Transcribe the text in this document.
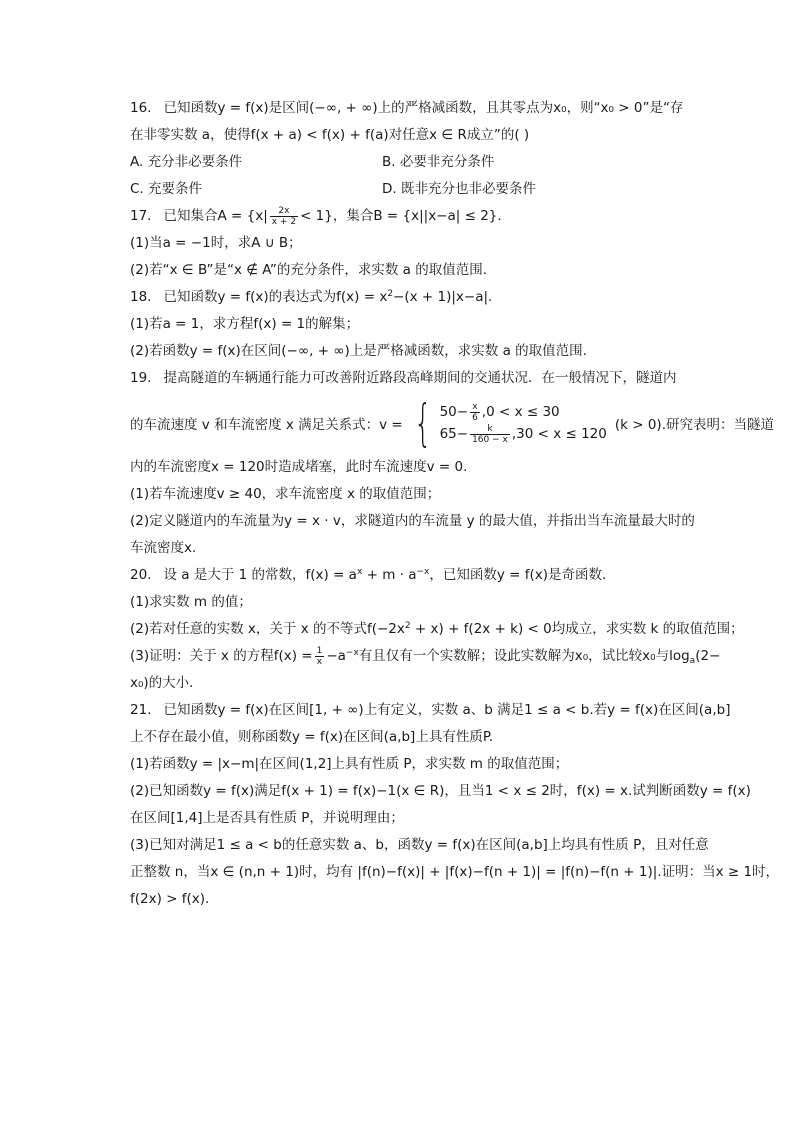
16. 已知函数y = f(x)是区间(−∞, + ∞)上的严格减函数，且其零点为x₀，则“x₀ > 0”是“存
在非零实数 a，使得f(x + a) < f(x) + f(a)对任意x ∈ R成立”的( )
A. 充分非必要条件	B. 必要非充分条件
C. 充要条件	D. 既非充分也非必要条件
17. 已知集合$A = \{x| \frac{2x}{x + 2} < 1\}$，集合B = {x||x−a| ≤ 2}.
(1)当a = −1时，求A ∪ B；
(2)若“x ∈ B”是“x ∉ A”的充分条件，求实数 a 的取值范围.
18. 已知函数y = f(x)的表达式为$f(x) = x^2-(x + 1)|x-a|$.
(1)若a = 1，求方程f(x) = 1的解集；
(2)若函数y = f(x)在区间(−∞, + ∞)上是严格减函数，求实数 a 的取值范围.
19. 提高隧道的车辆通行能力可改善附近路段高峰期间的交通状况．在一般情况下，隧道内
的车流速度 v 和车流密度 x 满足关系式：v = { $50- \frac{x}{6} ,0 < x \le 30$
$65- \frac{k}{160 - x} ,30 < x \le 120$
(k > 0).研究表明：当隧道
内的车流密度x = 120时造成堵塞，此时车流速度v = 0.
(1)若车流速度v ≥ 40，求车流密度 x 的取值范围；
(2)定义隧道内的车流量为y = x · v，求隧道内的车流量 y 的最大值，并指出当车流量最大时的
车流密度x.
20. 设 a 是大于 1 的常数，$f(x) = a^x + m \cdot a^{-x}$，已知函数y = f(x)是奇函数．
(1)求实数 m 的值；
(2)若对任意的实数 x，关于 x 的不等式$f(-2x^2 + x) + f(2x + k) < 0$均成立，求实数 k 的取值范围；
(3)证明：关于 x 的方程$f(x) = \frac{1}{x} -a^{-x}$有且仅有一个实数解；设此实数解为x₀，试比较x₀与$\log_a(2-$
x₀)的大小．
21. 已知函数y = f(x)在区间[1, + ∞)上有定义，实数 a、b 满足1 ≤ a < b.若y = f(x)在区间(a,b]
上不存在最小值，则称函数y = f(x)在区间(a,b]上具有性质P.
(1)若函数y = |x−m|在区间(1,2]上具有性质 P，求实数 m 的取值范围；
(2)已知函数y = f(x)满足f(x + 1) = f(x)−1(x ∈ R)，且当1 < x ≤ 2时，f(x) = x.试判断函数y = f(x)
在区间[1,4]上是否具有性质 P，并说明理由；
(3)已知对满足1 ≤ a < b的任意实数 a、b，函数y = f(x)在区间(a,b]上均具有性质 P，且对任意
正整数 n，当x ∈ (n,n + 1)时，均有 |f(n)−f(x)| + |f(x)−f(n + 1)| = |f(n)−f(n + 1)|.证明：当x ≥ 1时，
f(2x) > f(x).
